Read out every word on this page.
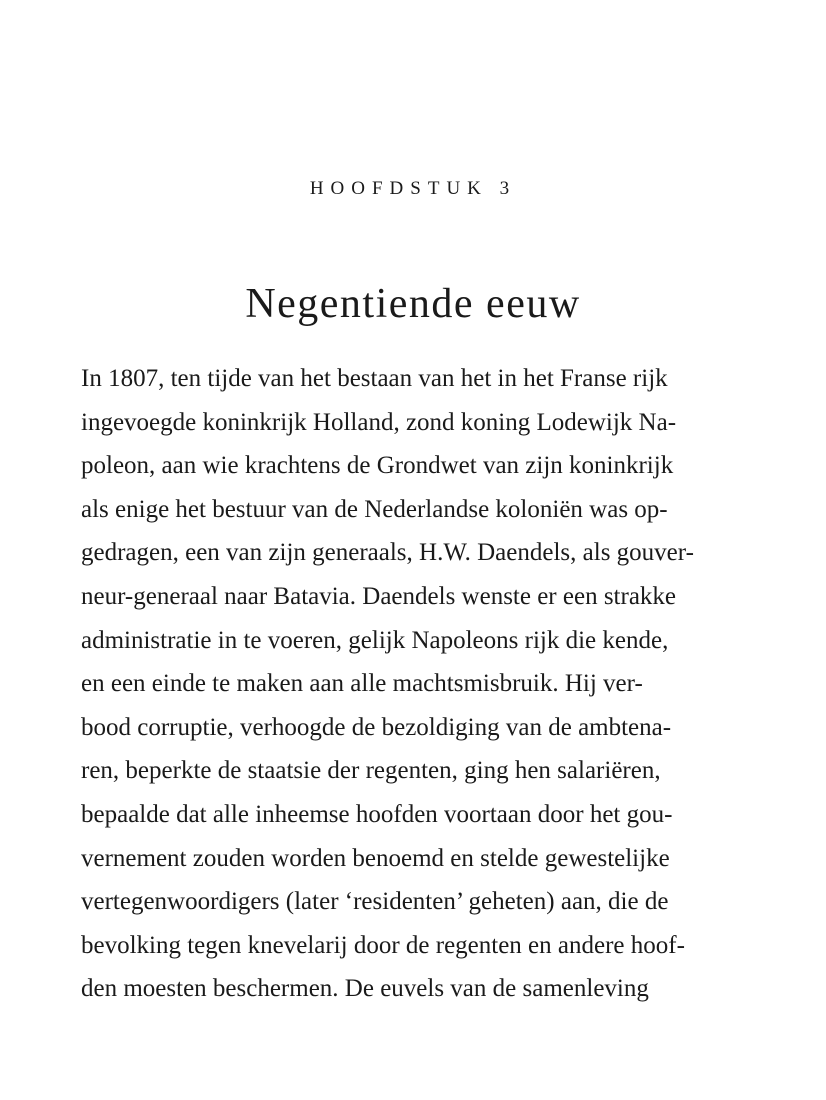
HOOFDSTUK 3
Negentiende eeuw
In 1807, ten tijde van het bestaan van het in het Franse rijk
ingevoegde koninkrijk Holland, zond koning Lodewijk Na-
poleon, aan wie krachtens de Grondwet van zijn koninkrijk
als enige het bestuur van de Nederlandse koloniën was op-
gedragen, een van zijn generaals, H.W. Daendels, als gouver-
neur-generaal naar Batavia. Daendels wenste er een strakke
administratie in te voeren, gelijk Napoleons rijk die kende,
en een einde te maken aan alle machtsmisbruik. Hij ver-
bood corruptie, verhoogde de bezoldiging van de ambtena-
ren, beperkte de staatsie der regenten, ging hen salariëren,
bepaalde dat alle inheemse hoofden voortaan door het gou-
vernement zouden worden benoemd en stelde gewestelijke
vertegenwoordigers (later ‘residenten’ geheten) aan, die de
bevolking tegen knevelarij door de regenten en andere hoof-
den moesten beschermen. De euvels van de samenleving
